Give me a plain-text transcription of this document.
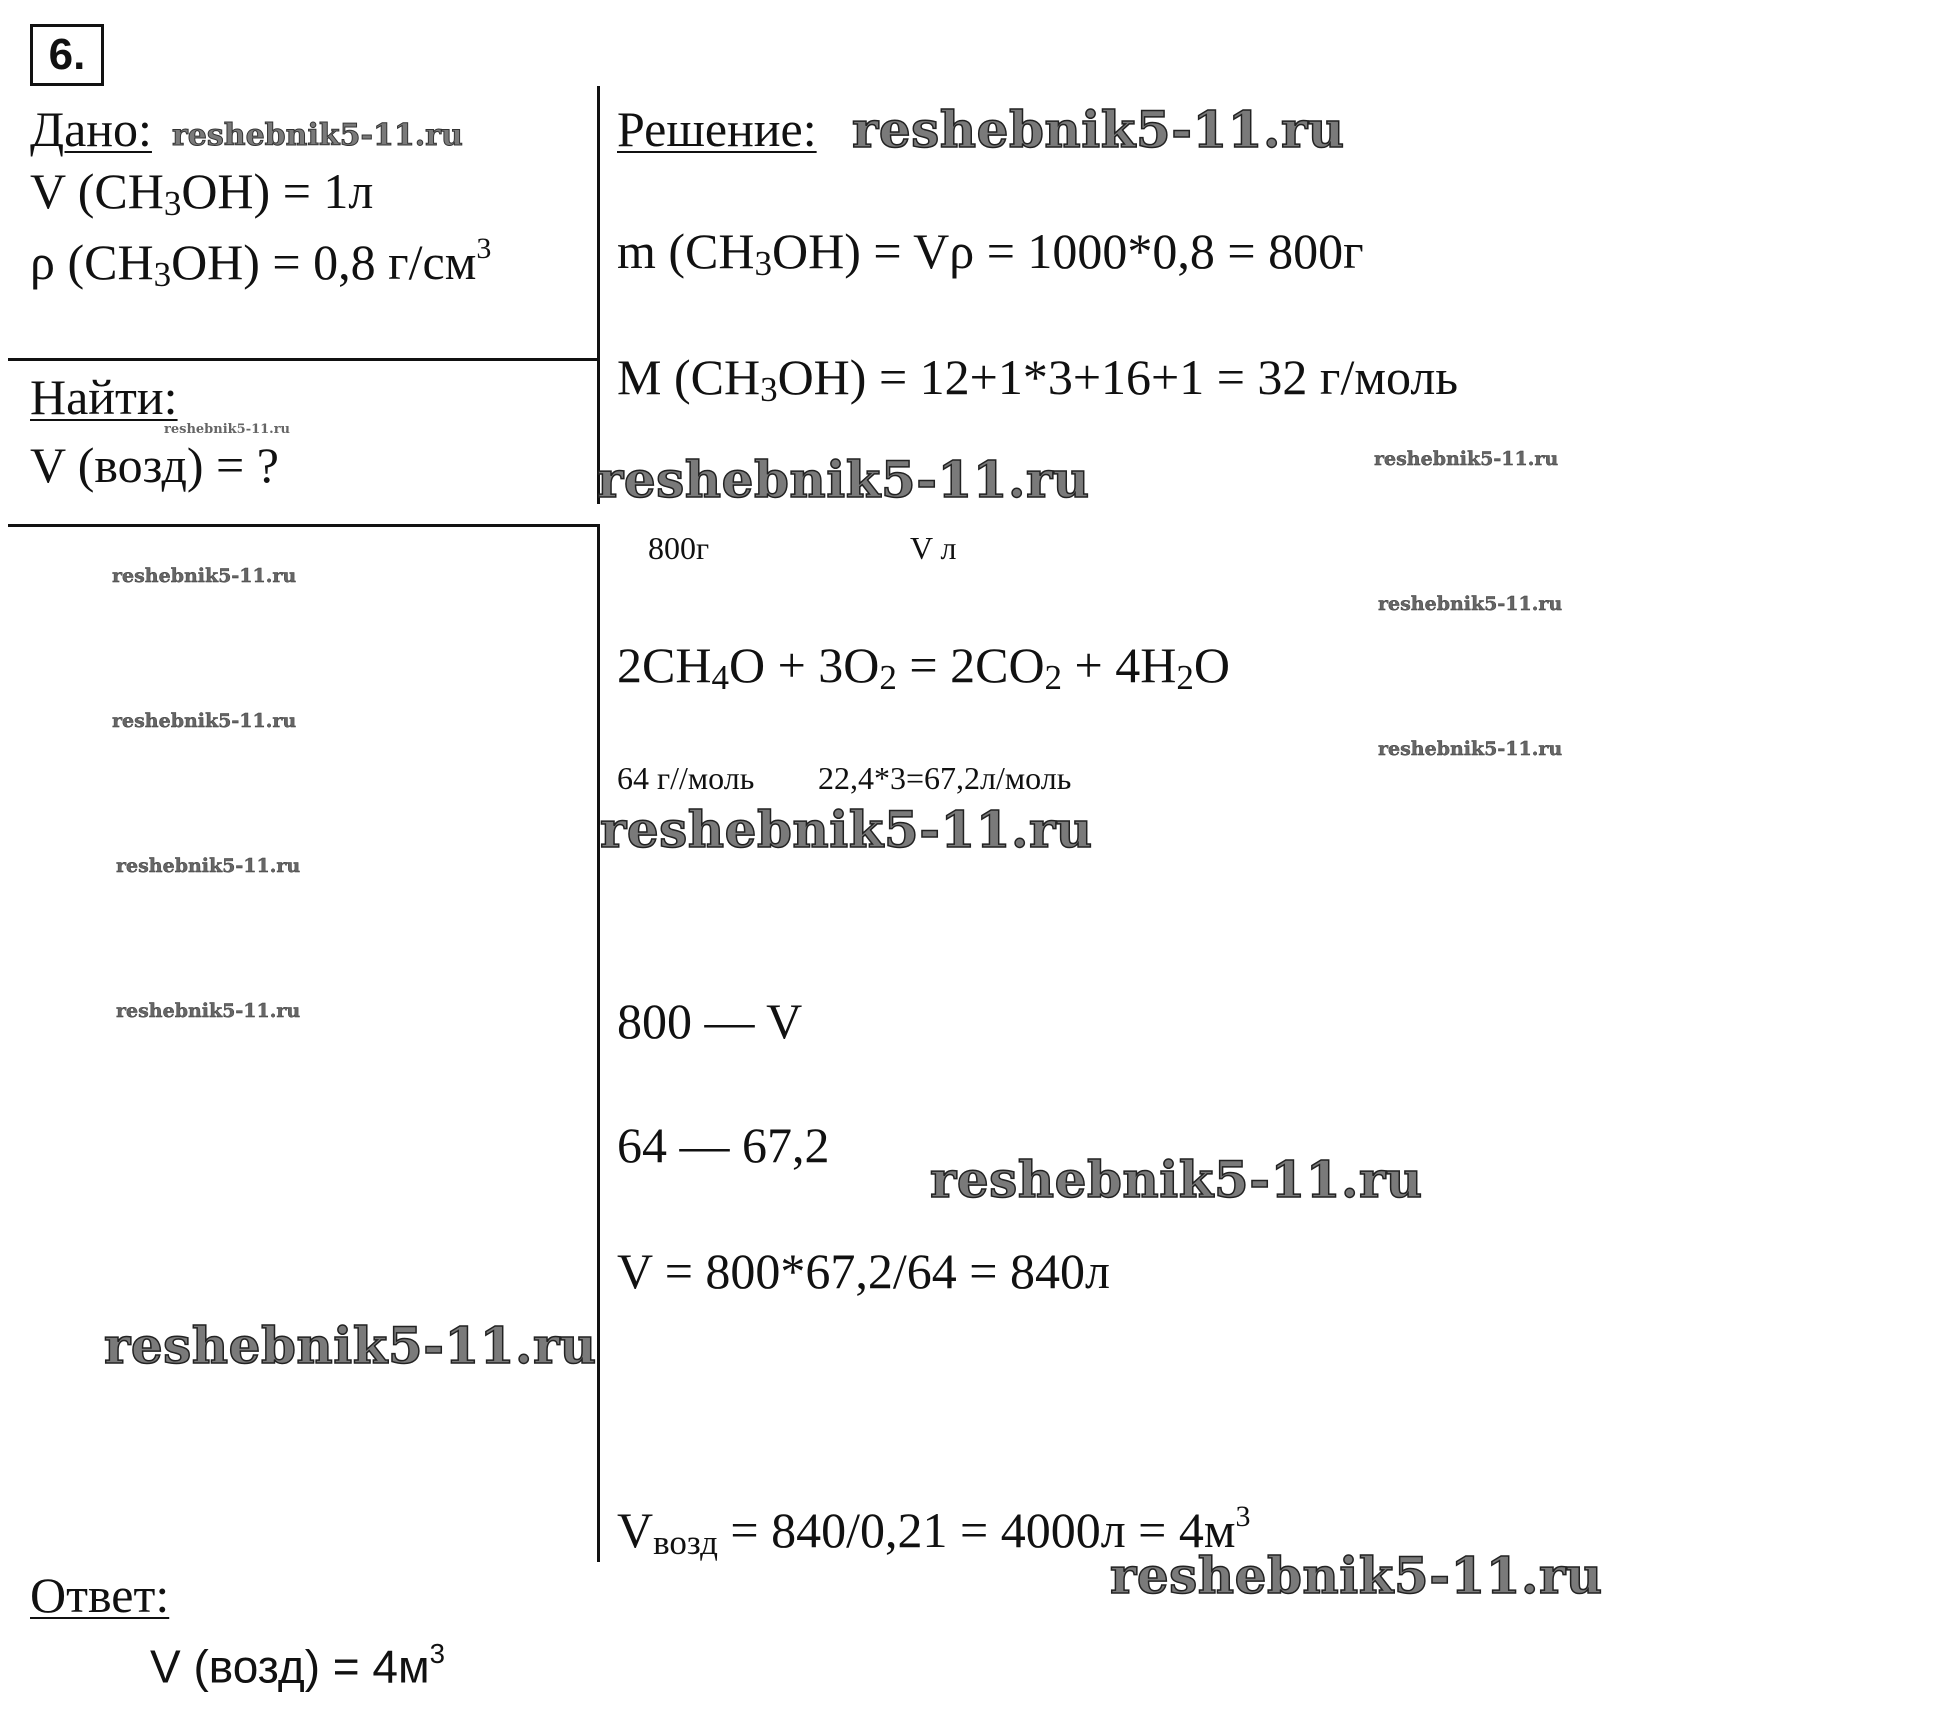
6.
Дано:
V $(CH_3OH) = 1л$
ρ $(CH_3OH) = 0,8$ $г/см^3$
Найти:
V (возд) = ?
Решение:
m $(CH_3OH) = V\rho = 1000*0,8 = 800г$
M $(CH_3OH) = 12+1*3+16+1 = 32$ г/моль
800г	V л
$2CH_4O + 3O_2 = 2CO_2 + 4H_2O$
64 г//моль 22,4*3=67,2л/моль
800 — V
64 — 67,2
V = 800*67,2/64 = 840л
$V_{возд} = 840/0,21 = 4000л = 4м^3$
Ответ:
V (возд) = $4м^3$
reshebnik5-11.ru	reshebnik5-11.ru
reshebnik5-11.ru
reshebnik5-11.ru	reshebnik5-11.ru
reshebnik5-11.ru
reshebnik5-11.ru
reshebnik5-11.ru
reshebnik5-11.ru
reshebnik5-11.ru
reshebnik5-11.ru
reshebnik5-11.ru
reshebnik5-11.ru
reshebnik5-11.ru
reshebnik5-11.ru
